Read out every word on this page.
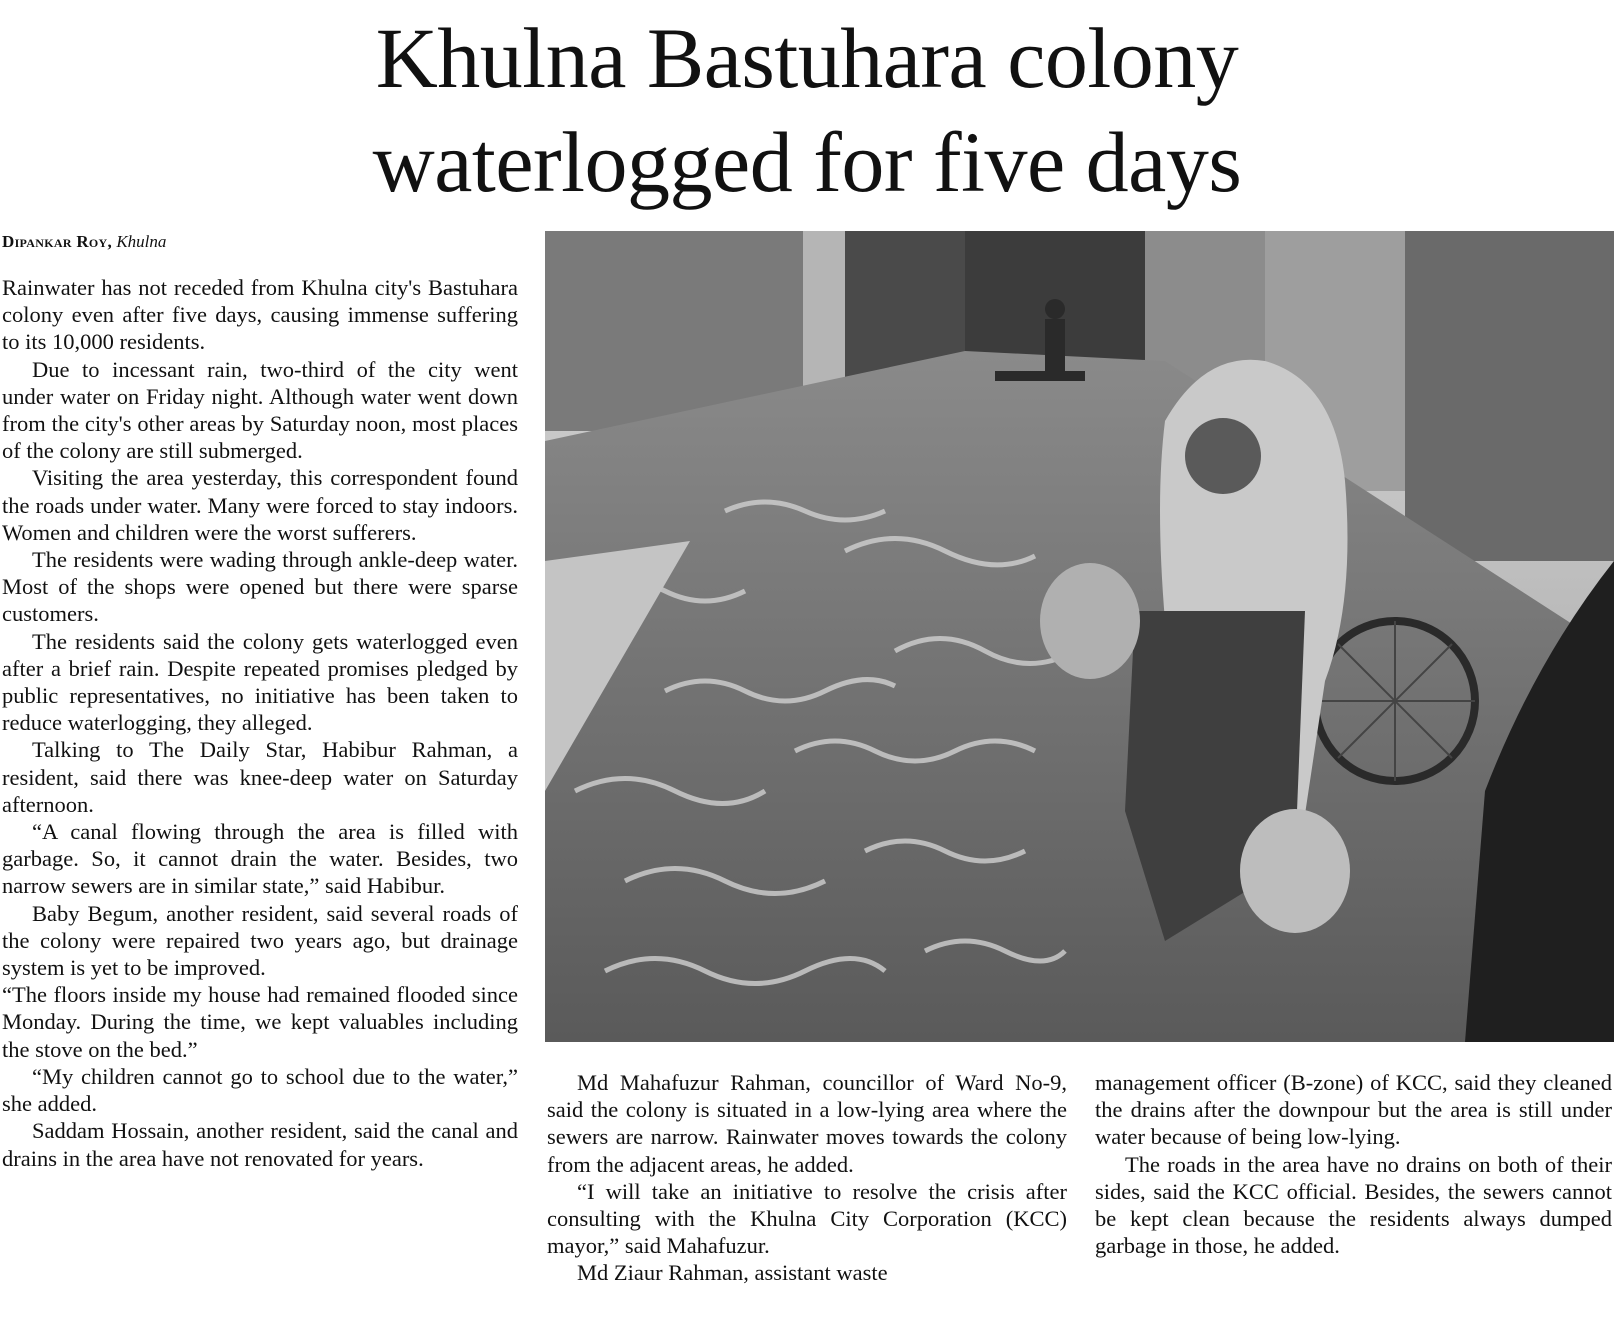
Khulna Bastuhara colony
waterlogged for five days
Dipankar Roy, Khulna

Rainwater has not receded from Khulna city's Bastuhara colony even after five days, causing immense suffering to its 10,000 residents.

Due to incessant rain, two-third of the city went under water on Friday night. Although water went down from the city's other areas by Saturday noon, most places of the colony are still submerged.

Visiting the area yesterday, this correspondent found the roads under water. Many were forced to stay indoors. Women and children were the worst sufferers.

The residents were wading through ankle-deep water. Most of the shops were opened but there were sparse customers.

The residents said the colony gets waterlogged even after a brief rain. Despite repeated promises pledged by public representatives, no initiative has been taken to reduce waterlogging, they alleged.

Talking to The Daily Star, Habibur Rahman, a resident, said there was knee-deep water on Saturday afternoon.

“A canal flowing through the area is filled with garbage. So, it cannot drain the water. Besides, two narrow sewers are in similar state,” said Habibur.

Baby Begum, another resident, said several roads of the colony were repaired two years ago, but drainage system is yet to be improved.

“The floors inside my house had remained flooded since Monday. During the time, we kept valuables including the stove on the bed.”

“My children cannot go to school due to the water,” she added.

Saddam Hossain, another resident, said the canal and drains in the area have not renovated for years.

Md Mahafuzur Rahman, councillor of Ward No-9, said the colony is situated in a low-lying area where the sewers are narrow. Rainwater moves towards the colony from the adjacent areas, he added.

“I will take an initiative to resolve the crisis after consulting with the Khulna City Corporation (KCC) mayor,” said Mahafuzur.

Md Ziaur Rahman, assistant waste

management officer (B-zone) of KCC, said they cleaned the drains after the downpour but the area is still under water because of being low-lying.

The roads in the area have no drains on both of their sides, said the KCC official. Besides, the sewers cannot be kept clean because the residents always dumped garbage in those, he added.
